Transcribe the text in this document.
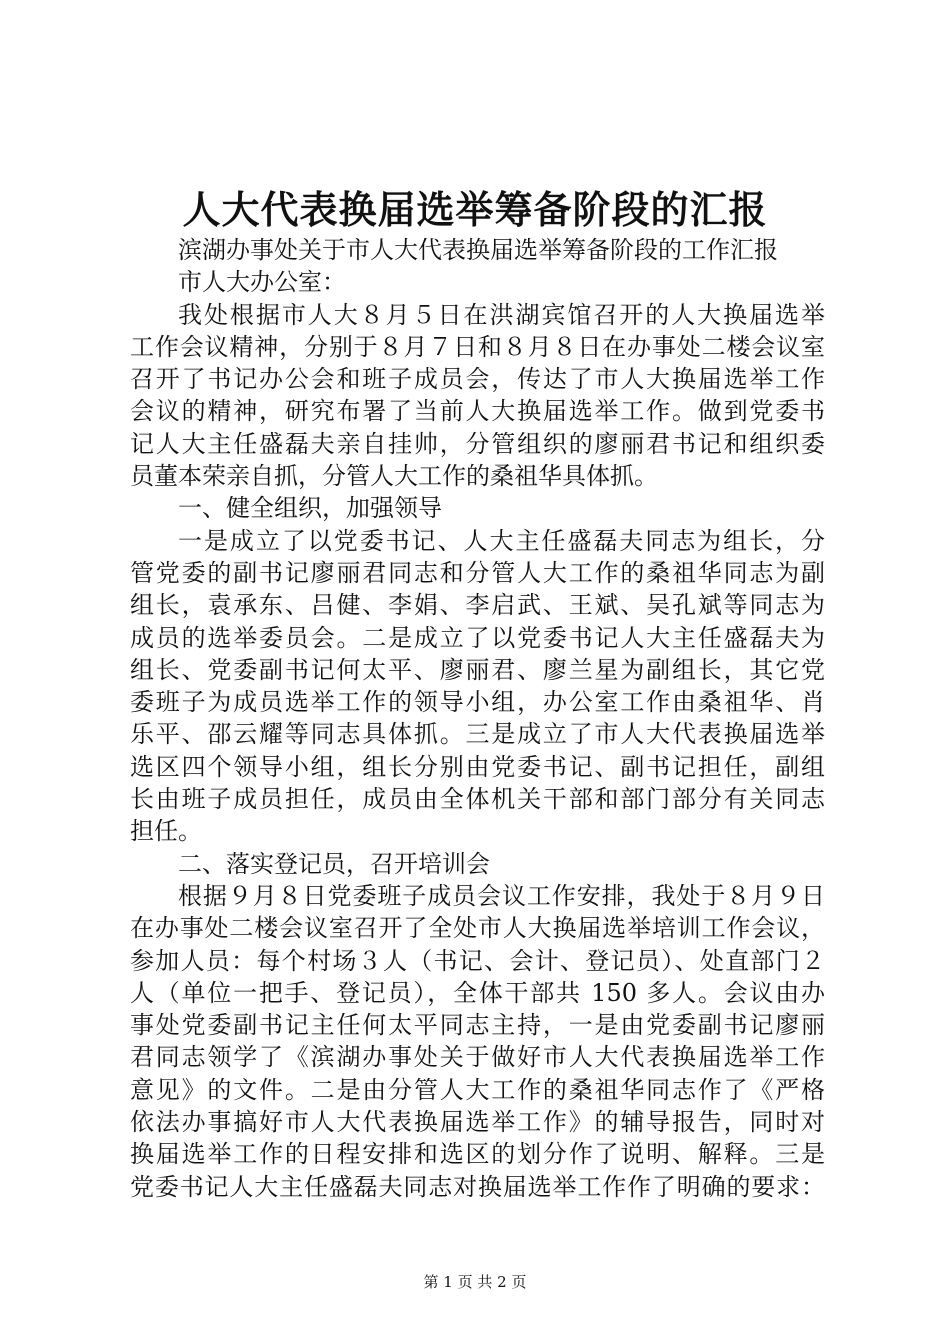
人大代表换届选举筹备阶段的汇报
滨湖办事处关于市人大代表换届选举筹备阶段的工作汇报
市人大办公室：
我处根据市人大８月５日在洪湖宾馆召开的人大换届选举
工作会议精神，分别于８月７日和８月８日在办事处二楼会议室
召开了书记办公会和班子成员会，传达了市人大换届选举工作
会议的精神，研究布署了当前人大换届选举工作。做到党委书
记人大主任盛磊夫亲自挂帅，分管组织的廖丽君书记和组织委
员董本荣亲自抓，分管人大工作的桑祖华具体抓。
一、健全组织，加强领导
一是成立了以党委书记、人大主任盛磊夫同志为组长，分
管党委的副书记廖丽君同志和分管人大工作的桑祖华同志为副
组长，袁承东、吕健、李娟、李启武、王斌、吴孔斌等同志为
成员的选举委员会。二是成立了以党委书记人大主任盛磊夫为
组长、党委副书记何太平、廖丽君、廖兰星为副组长，其它党
委班子为成员选举工作的领导小组，办公室工作由桑祖华、肖
乐平、邵云耀等同志具体抓。三是成立了市人大代表换届选举
选区四个领导小组，组长分别由党委书记、副书记担任，副组
长由班子成员担任，成员由全体机关干部和部门部分有关同志
担任。
二、落实登记员，召开培训会
根据９月８日党委班子成员会议工作安排，我处于８月９日
在办事处二楼会议室召开了全处市人大换届选举培训工作会议，
参加人员：每个村场３人（书记、会计、登记员）、处直部门２
人（单位一把手、登记员），全体干部共 150 多人。会议由办
事处党委副书记主任何太平同志主持，一是由党委副书记廖丽
君同志领学了《滨湖办事处关于做好市人大代表换届选举工作
意见》的文件。二是由分管人大工作的桑祖华同志作了《严格
依法办事搞好市人大代表换届选举工作》的辅导报告，同时对
换届选举工作的日程安排和选区的划分作了说明、解释。三是
党委书记人大主任盛磊夫同志对换届选举工作作了明确的要求：
第 1 页 共 2 页
